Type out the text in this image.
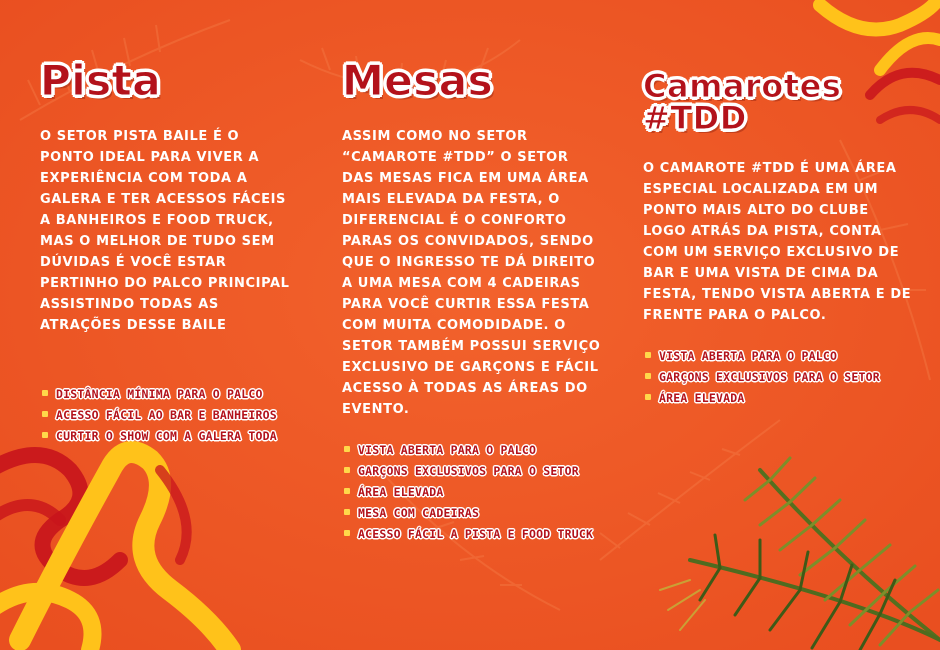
Pista

O SETOR PISTA BAILE É O PONTO IDEAL PARA VIVER A EXPERIÊNCIA COM TODA A GALERA E TER ACESSOS FÁCEIS A BANHEIROS E FOOD TRUCK, MAS O MELHOR DE TUDO SEM DÚVIDAS É VOCÊ ESTAR PERTINHO DO PALCO PRINCIPAL ASSISTINDO TODAS AS ATRAÇÕES DESSE BAILE

DISTÂNCIA MÍNIMA PARA O PALCO
ACESSO FÁCIL AO BAR E BANHEIROS
CURTIR O SHOW COM A GALERA TODA
Mesas

ASSIM COMO NO SETOR “CAMAROTE #TDD” O SETOR DAS MESAS FICA EM UMA ÁREA MAIS ELEVADA DA FESTA, O DIFERENCIAL É O CONFORTO PARAS OS CONVIDADOS, SENDO QUE O INGRESSO TE DÁ DIREITO A UMA MESA COM 4 CADEIRAS PARA VOCÊ CURTIR ESSA FESTA COM MUITA COMODIDADE. O SETOR TAMBÉM POSSUI SERVIÇO EXCLUSIVO DE GARÇONS E FÁCIL ACESSO À TODAS AS ÁREAS DO EVENTO.

VISTA ABERTA PARA O PALCO
GARÇONS EXCLUSIVOS PARA O SETOR
ÁREA ELEVADA
MESA COM CADEIRAS
ACESSO FÁCIL A PISTA E FOOD TRUCK
Camarotes #TDD

O CAMAROTE #TDD É UMA ÁREA ESPECIAL LOCALIZADA EM UM PONTO MAIS ALTO DO CLUBE LOGO ATRÁS DA PISTA, CONTA COM UM SERVIÇO EXCLUSIVO DE BAR E UMA VISTA DE CIMA DA FESTA, TENDO VISTA ABERTA E DE FRENTE PARA O PALCO.

VISTA ABERTA PARA O PALCO
GARÇONS EXCLUSIVOS PARA O SETOR
ÁREA ELEVADA
